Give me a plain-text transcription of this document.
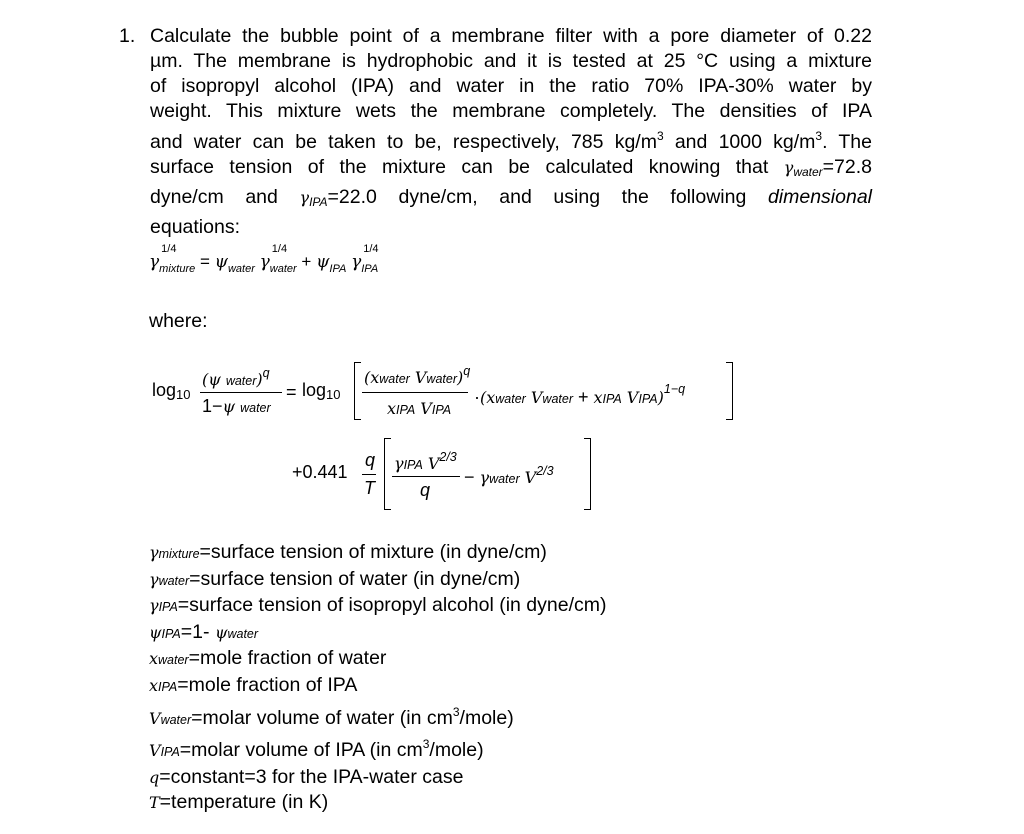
1. Calculate the bubble point of a membrane filter with a pore diameter of 0.22
µm. The membrane is hydrophobic and it is tested at 25 °C using a mixture
of isopropyl alcohol (IPA) and water in the ratio 70% IPA-30% water by
weight. This mixture wets the membrane completely. The densities of IPA
and water can be taken to be, respectively, 785 $kg/m^3$ and 1000 $kg/m^3$. The
surface tension of the mixture can be calculated knowing that $\gamma_{water}=72.8$
dyne/cm and $\gamma_{IPA}=22.0$ dyne/cm, and using the following dimensional
equations:
$\gamma_{mixture}$
1/4
= $\psi_{water}$ $\gamma_{water}$
1/4
+ $\psi_{IPA}$ $\gamma_{IPA}$
1/4
where:
log10
(ψ water)$^q$
1−ψ water
= log10
(xwater Vwater)$^q$
xIPA VIPA
·(xwater Vwater + xIPA VIPA)$^{1-q}$
+0.441
q
T
γIPA $V^{2/3}$
q
− γwater $V^{2/3}$
γmixture=surface tension of mixture (in dyne/cm)
γwater=surface tension of water (in dyne/cm)
γIPA=surface tension of isopropyl alcohol (in dyne/cm)
ψIPA=1- ψwater
xwater=mole fraction of water
xIPA=mole fraction of IPA
Vwater=molar volume of water (in $cm^3/mole$)
VIPA=molar volume of IPA (in $cm^3/mole$)
q=constant=3 for the IPA-water case
T=temperature (in K)
